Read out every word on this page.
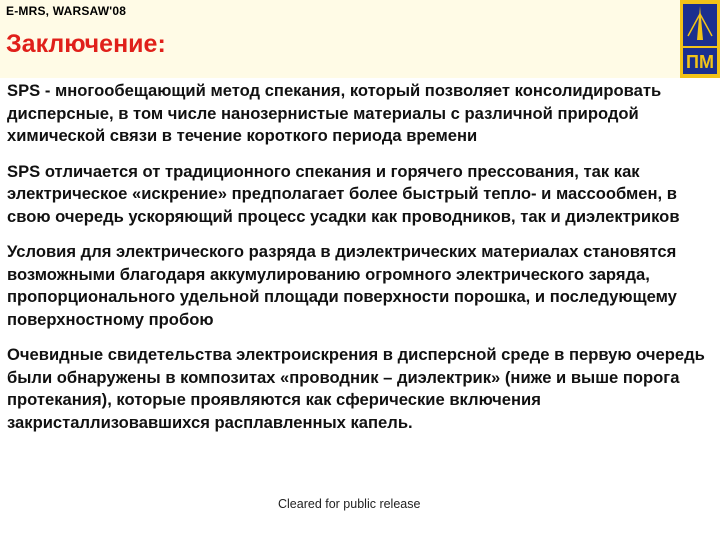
E-MRS, WARSAW'08
Заключение:
ПМ

SPS - многообещающий метод спекания, который позволяет консолидировать дисперсные, в том числе нанозернистые материалы с различной природой химической связи в течение короткого периода времени

SPS отличается от традиционного спекания и горячего прессования, так как электрическое «искрение» предполагает более быстрый тепло- и массообмен, в свою очередь ускоряющий процесс усадки как проводников, так и диэлектриков

Условия для электрического разряда в диэлектрических материалах становятся возможными благодаря аккумулированию огромного электрического заряда, пропорционального удельной площади поверхности порошка, и последующему поверхностному пробою

Очевидные свидетельства электроискрения в дисперсной среде в первую очередь были обнаружены в композитах «проводник – диэлектрик» (ниже и выше порога протекания), которые проявляются как сферические включения закристаллизовавшихся расплавленных капель.

Cleared for public release
